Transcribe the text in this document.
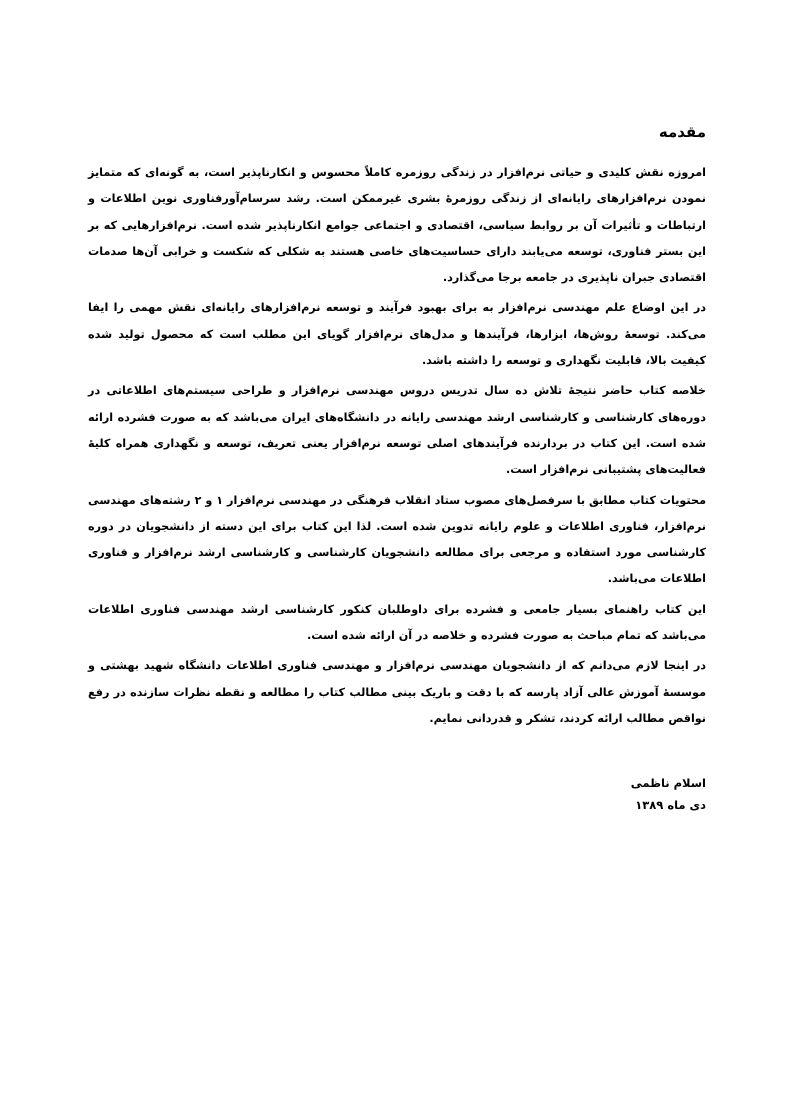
مقدمه

امروزه نقش کلیدی و حیاتی نرم‌افزار در زندگی روزمره کاملاً محسوس و انکارناپذیر است، به گونه‌ای که متمایز نمودن نرم‌افزارهای رایانه‌ای از زندگی روزمرهٔ بشری غیرممکن است. رشد سرسام‌آورفناوری نوین اطلاعات و ارتباطات و تأثیرات آن بر روابط سیاسی، اقتصادی و اجتماعی جوامع انکارناپذیر شده است. نرم‌افزارهایی که بر این بستر فناوری، توسعه می‌یابند دارای حساسیت‌های خاصی هستند به شکلی که شکست و خرابی آن‌ها صدمات اقتصادی جبران ناپذیری در جامعه برجا می‌گذارد.

در این اوضاع علم مهندسی نرم‌افزار به برای بهبود فرآیند و توسعه نرم‌افزارهای رایانه‌ای نقش مهمی را ایفا می‌کند. توسعهٔ روش‌ها، ابزارها، فرآیندها و مدل‌های نرم‌افزار گویای این مطلب است که محصول تولید شده کیفیت بالا، قابلیت نگهداری و توسعه را داشته باشد.

خلاصه کتاب حاضر نتیجهٔ تلاش ده سال تدریس دروس مهندسی نرم‌افزار و طراحی سیستم‌های اطلاعاتی در دوره‌های کارشناسی و کارشناسی ارشد مهندسی رایانه در دانشگاه‌های ایران می‌باشد که به صورت فشرده ارائه شده است. این کتاب در بردارنده فرآیندهای اصلی توسعه نرم‌افزار یعنی تعریف، توسعه و نگهداری همراه کلیهٔ فعالیت‌های پشتیبانی نرم‌افزار است.

محتویات کتاب مطابق با سرفصل‌های مصوب ستاد انقلاب فرهنگی در مهندسی نرم‌افزار ۱ و ۲ رشته‌های مهندسی نرم‌افزار، فناوری اطلاعات و علوم رایانه تدوین شده است. لذا این کتاب برای این دسته از دانشجویان در دوره کارشناسی مورد استفاده و مرجعی برای مطالعه دانشجویان کارشناسی و کارشناسی ارشد نرم‌افزار و فناوری اطلاعات می‌باشد.

این کتاب راهنمای بسیار جامعی و فشرده برای داوطلبان کنکور کارشناسی ارشد مهندسی فناوری اطلاعات می‌باشد که تمام مباحث به صورت فشرده و خلاصه در آن ارائه شده است.

در اینجا لازم می‌دانم که از دانشجویان مهندسی نرم‌افزار و مهندسی فناوری اطلاعات دانشگاه شهید بهشتی و موسسهٔ آموزش عالی آزاد پارسه که با دقت و باریک بینی مطالب کتاب را مطالعه و نقطه نظرات سازنده در رفع نواقص مطالب ارائه کردند، تشکر و قدردانی نمایم.

اسلام ناظمی
دی ماه ۱۳۸۹
